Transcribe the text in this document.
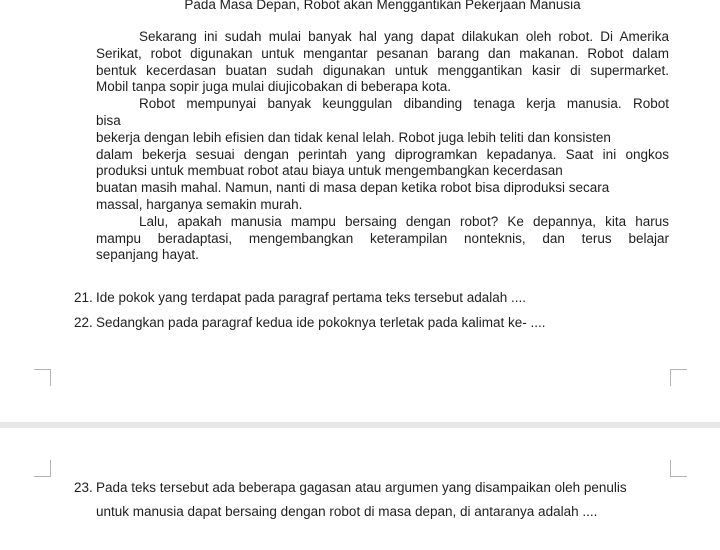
Pada Masa Depan, Robot akan Menggantikan Pekerjaan Manusia
Sekarang ini sudah mulai banyak hal yang dapat dilakukan oleh robot. Di Amerika
Serikat, robot digunakan untuk mengantar pesanan barang dan makanan. Robot dalam
bentuk kecerdasan buatan sudah digunakan untuk menggantikan kasir di supermarket.
Mobil tanpa sopir juga mulai diujicobakan di beberapa kota.
Robot mempunyai banyak keunggulan dibanding tenaga kerja manusia. Robot
bisa
bekerja dengan lebih efisien dan tidak kenal lelah. Robot juga lebih teliti dan konsisten
dalam bekerja sesuai dengan perintah yang diprogramkan kepadanya. Saat ini ongkos
produksi untuk membuat robot atau biaya untuk mengembangkan kecerdasan
buatan masih mahal. Namun, nanti di masa depan ketika robot bisa diproduksi secara
massal, harganya semakin murah.
Lalu, apakah manusia mampu bersaing dengan robot? Ke depannya, kita harus
mampu beradaptasi, mengembangkan keterampilan nonteknis, dan terus belajar
sepanjang hayat.
21. Ide pokok yang terdapat pada paragraf pertama teks tersebut adalah ....
22. Sedangkan pada paragraf kedua ide pokoknya terletak pada kalimat ke- ....
23. Pada teks tersebut ada beberapa gagasan atau argumen yang disampaikan oleh penulis
untuk manusia dapat bersaing dengan robot di masa depan, di antaranya adalah ....
